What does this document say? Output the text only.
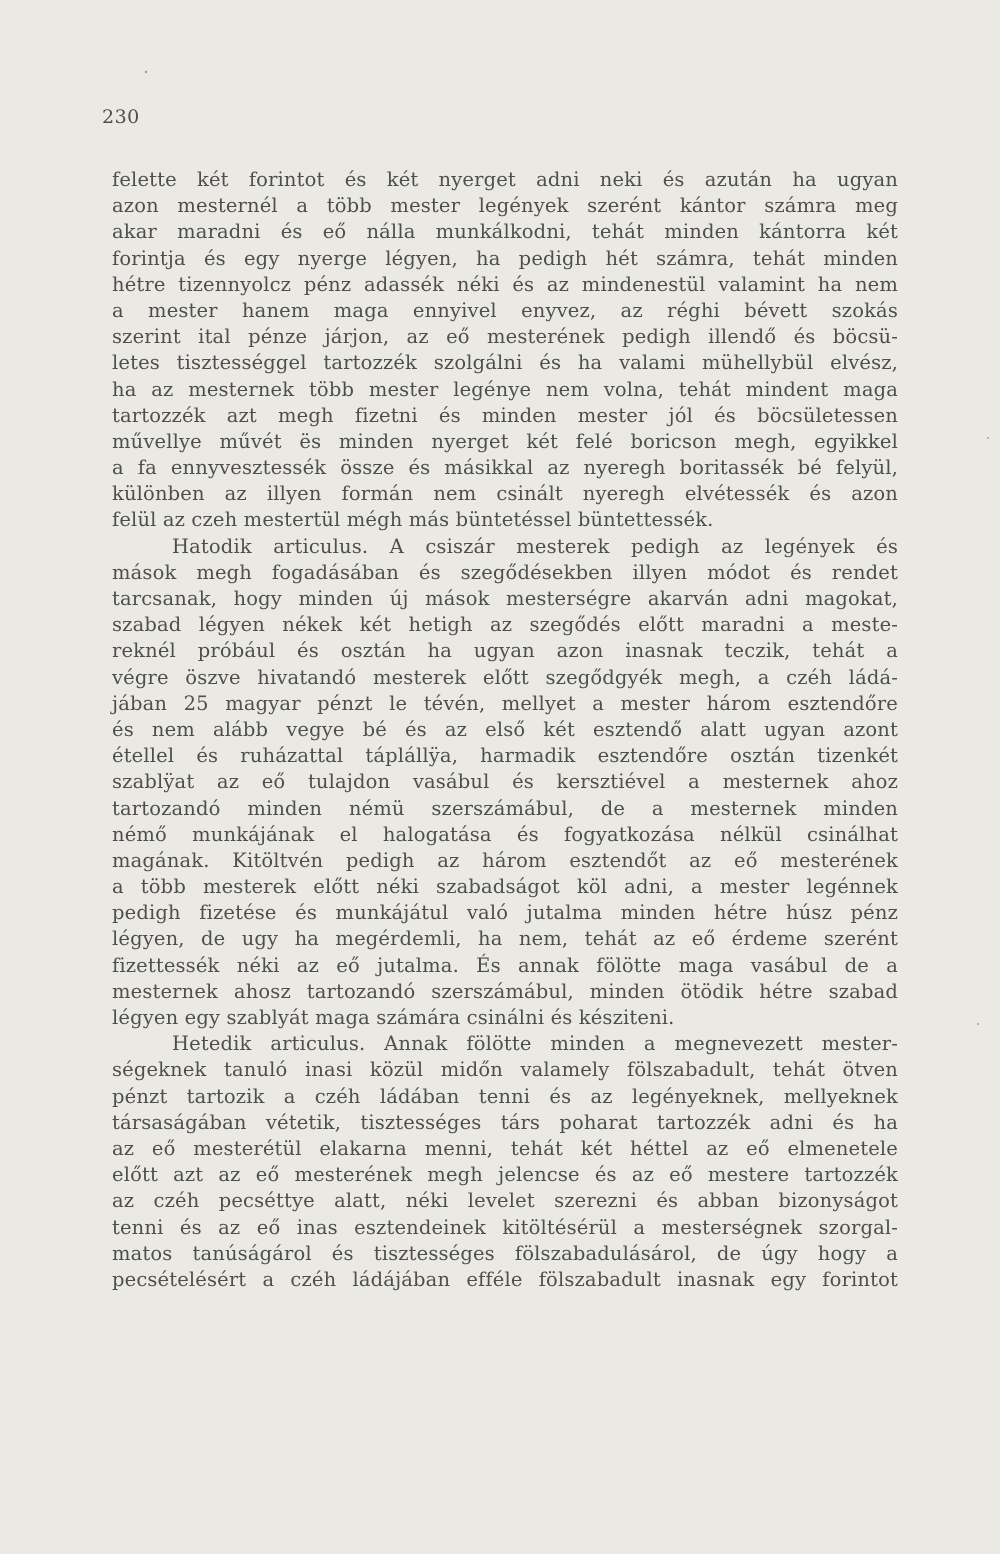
230
felette két forintot és két nyerget adni neki és azután ha ugyan
azon mesternél a több mester legények szerént kántor számra meg
akar maradni és eő nálla munkálkodni, tehát minden kántorra két
forintja és egy nyerge légyen, ha pedigh hét számra, tehát minden
hétre tizennyolcz pénz adassék néki és az mindenestül valamint ha nem
a mester hanem maga ennyivel enyvez, az réghi bévett szokás
szerint ital pénze járjon, az eő mesterének pedigh illendő és böcsü-
letes tisztességgel tartozzék szolgálni és ha valami mühellybül elvész,
ha az mesternek több mester legénye nem volna, tehát mindent maga
tartozzék azt megh fizetni és minden mester jól és böcsületessen
művellye művét ës minden nyerget két felé boricson megh, egyikkel
a fa ennyvesztessék össze és másikkal az nyeregh boritassék bé felyül,
különben az illyen formán nem csinált nyeregh elvétessék és azon
felül az czeh mestertül mégh más büntetéssel büntettessék.
Hatodik articulus. A csiszár mesterek pedigh az legények és
mások megh fogadásában és szegődésekben illyen módot és rendet
tarcsanak, hogy minden új mások mesterségre akarván adni magokat,
szabad légyen nékek két hetigh az szegődés előtt maradni a meste-
reknél próbául és osztán ha ugyan azon inasnak teczik, tehát a
végre öszve hivatandó mesterek előtt szegődgyék megh, a czéh ládá-
jában 25 magyar pénzt le tévén, mellyet a mester három esztendőre
és nem alább vegye bé és az első két esztendő alatt ugyan azont
étellel és ruházattal táplállÿa, harmadik esztendőre osztán tizenkét
szablÿat az eő tulajdon vasábul és kersztiével a mesternek ahoz
tartozandó minden némü szerszámábul, de a mesternek minden
némő munkájának el halogatása és fogyatkozása nélkül csinálhat
magának. Kitöltvén pedigh az három esztendőt az eő mesterének
a több mesterek előtt néki szabadságot köl adni, a mester legénnek
pedigh fizetése és munkájátul való jutalma minden hétre húsz pénz
légyen, de ugy ha megérdemli, ha nem, tehát az eő érdeme szerént
fizettessék néki az eő jutalma. És annak fölötte maga vasábul de a
mesternek ahosz tartozandó szerszámábul, minden ötödik hétre szabad
légyen egy szablyát maga számára csinálni és késziteni.
Hetedik articulus. Annak fölötte minden a megnevezett mester-
ségeknek tanuló inasi közül midőn valamely fölszabadult, tehát ötven
pénzt tartozik a czéh ládában tenni és az legényeknek, mellyeknek
társaságában vétetik, tisztességes társ poharat tartozzék adni és ha
az eő mesterétül elakarna menni, tehát két héttel az eő elmenetele
előtt azt az eő mesterének megh jelencse és az eő mestere tartozzék
az czéh pecséttye alatt, néki levelet szerezni és abban bizonyságot
tenni és az eő inas esztendeinek kitöltésérül a mesterségnek szorgal-
matos tanúságárol és tisztességes fölszabadulásárol, de úgy hogy a
pecsételésért a czéh ládájában efféle fölszabadult inasnak egy forintot
